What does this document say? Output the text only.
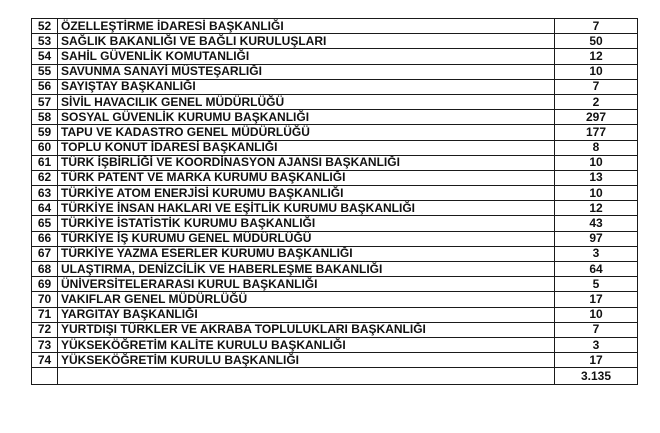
52	ÖZELLEŞTİRME İDARESİ BAŞKANLIĞI	7
53	SAĞLIK BAKANLIĞI VE BAĞLI KURULUŞLARI	50
54	SAHİL GÜVENLİK KOMUTANLIĞI	12
55	SAVUNMA SANAYİ MÜSTEŞARLIĞI	10
56	SAYIŞTAY BAŞKANLIĞI	7
57	SİVİL HAVACILIK GENEL MÜDÜRLÜĞÜ	2
58	SOSYAL GÜVENLİK KURUMU BAŞKANLIĞI	297
59	TAPU VE KADASTRO GENEL MÜDÜRLÜĞÜ	177
60	TOPLU KONUT İDARESİ BAŞKANLIĞI	8
61	TÜRK İŞBİRLİĞİ VE KOORDİNASYON AJANSI BAŞKANLIĞI	10
62	TÜRK PATENT VE MARKA KURUMU BAŞKANLIĞI	13
63	TÜRKİYE ATOM ENERJİSİ KURUMU BAŞKANLIĞI	10
64	TÜRKİYE İNSAN HAKLARI VE EŞİTLİK KURUMU BAŞKANLIĞI	12
65	TÜRKİYE İSTATİSTİK KURUMU BAŞKANLIĞI	43
66	TÜRKİYE İŞ KURUMU GENEL MÜDÜRLÜĞÜ	97
67	TÜRKİYE YAZMA ESERLER KURUMU BAŞKANLIĞI	3
68	ULAŞTIRMA, DENİZCİLİK VE HABERLEŞME BAKANLIĞI	64
69	ÜNİVERSİTELERARASI KURUL BAŞKANLIĞI	5
70	VAKIFLAR GENEL MÜDÜRLÜĞÜ	17
71	YARGITAY BAŞKANLIĞI	10
72	YURTDIŞI TÜRKLER VE AKRABA TOPLULUKLARI BAŞKANLIĞI	7
73	YÜKSEKÖĞRETİM KALİTE KURULU BAŞKANLIĞI	3
74	YÜKSEKÖĞRETİM KURULU BAŞKANLIĞI	17
		3.135
